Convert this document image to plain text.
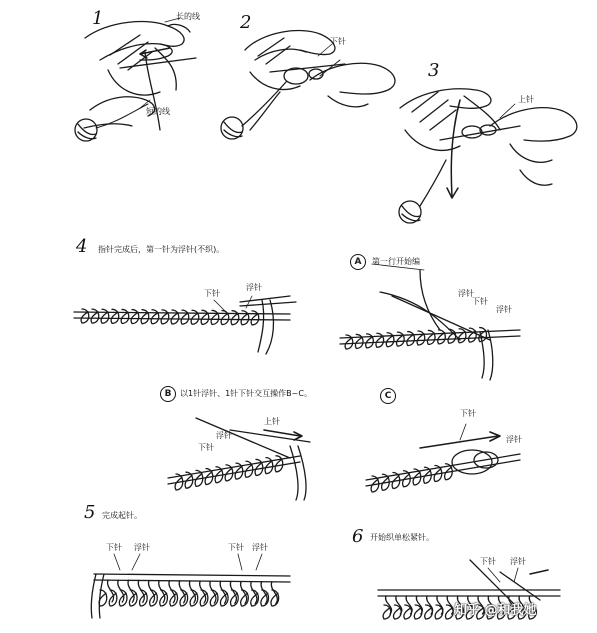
1	长的线
短的线
2
下针
3
上针
4 指针完成后，第一针为浮针(不织)。
下针
浮针
A	第一行开始编
浮针
下针
浮针
B	以1针浮针、1针下针交互操作B~C。
上针
浮针
下针
C
下针
浮针
5 完成起针。
下针 浮针	下针 浮针
6 开始织单松紧针。
下针 浮针
知乎 @和我她
